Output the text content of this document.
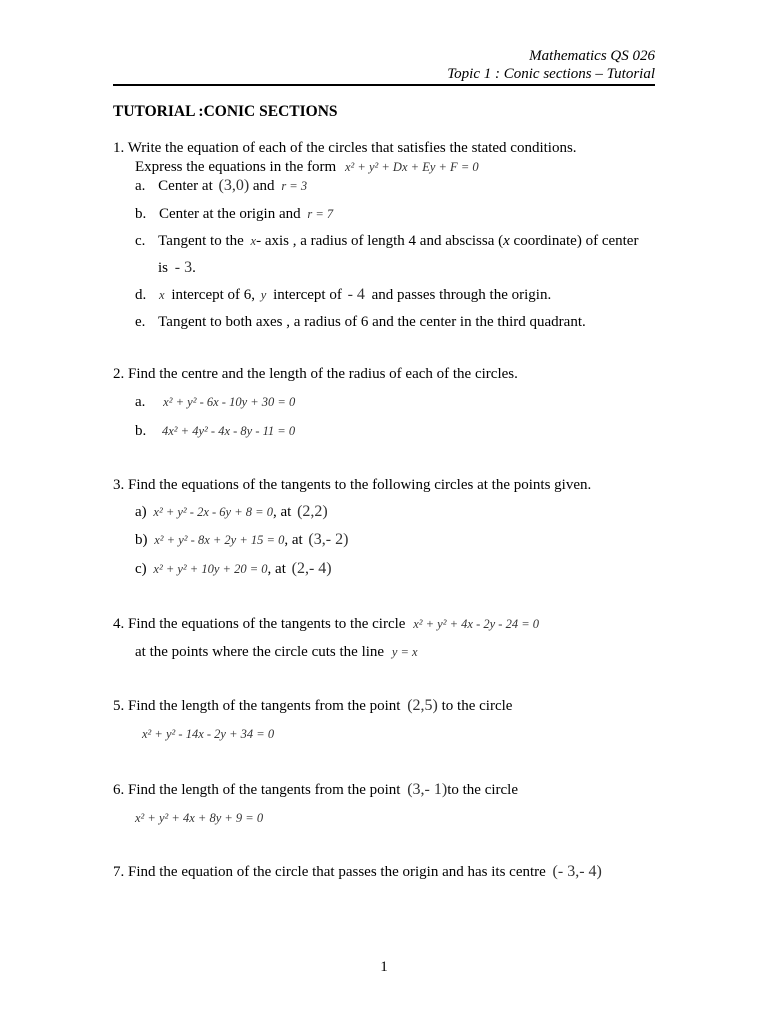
Mathematics QS 026
Topic 1 : Conic sections – Tutorial
TUTORIAL :CONIC SECTIONS
1. Write the equation of each of the circles that satisfies the stated conditions.
Express the equations in the form x² + y² + Dx + Ey + F = 0
a. Center at (3,0) and r = 3
b. Center at the origin and r = 7
c. Tangent to the x- axis , a radius of length 4 and abscissa (x coordinate) of center
is - 3.
d. x intercept of 6, y intercept of - 4 and passes through the origin.
e. Tangent to both axes , a radius of 6 and the center in the third quadrant.
2. Find the centre and the length of the radius of each of the circles.
a. x² + y² - 6x - 10y + 30 = 0
b. 4x² + 4y² - 4x - 8y - 11 = 0
3. Find the equations of the tangents to the following circles at the points given.
a) x² + y² - 2x - 6y + 8 = 0, at (2,2)
b) x² + y² - 8x + 2y + 15 = 0, at (3,- 2)
c) x² + y² + 10y + 20 = 0, at (2,- 4)
4. Find the equations of the tangents to the circle x² + y² + 4x - 2y - 24 = 0
at the points where the circle cuts the line y = x
5. Find the length of the tangents from the point (2,5) to the circle
x² + y² - 14x - 2y + 34 = 0
6. Find the length of the tangents from the point (3,- 1)to the circle
x² + y² + 4x + 8y + 9 = 0
7. Find the equation of the circle that passes the origin and has its centre (- 3,- 4)
1
